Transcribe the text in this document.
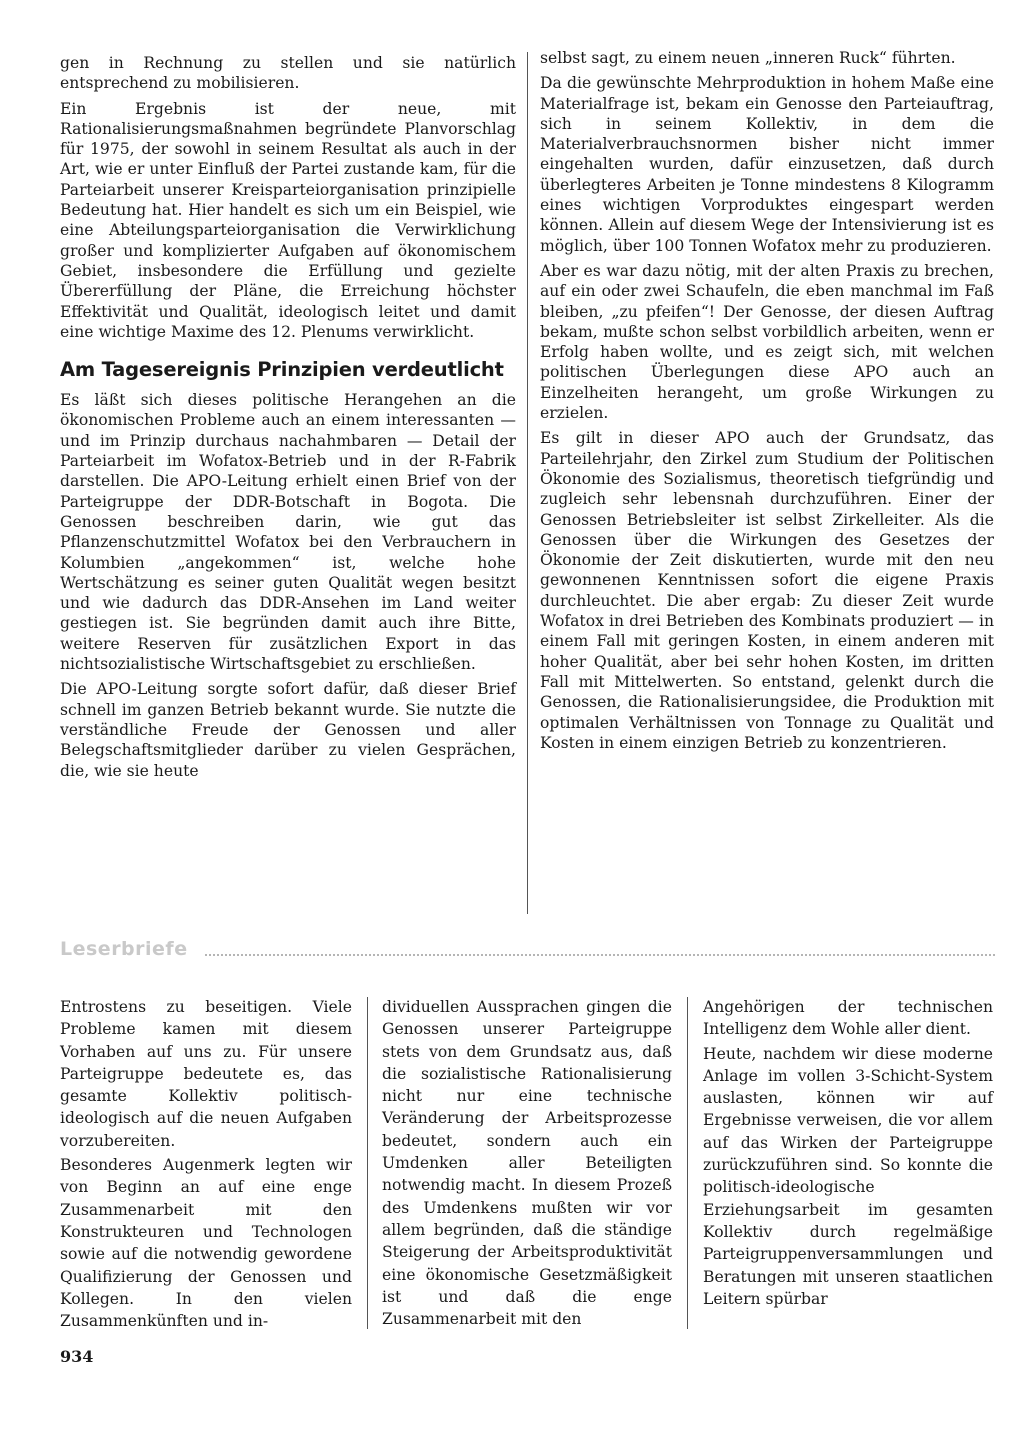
gen in Rechnung zu stellen und sie natürlich entsprechend zu mobilisieren.

Ein Ergebnis ist der neue, mit Rationalisierungsmaßnahmen begründete Planvorschlag für 1975, der sowohl in seinem Resultat als auch in der Art, wie er unter Einfluß der Partei zustande kam, für die Parteiarbeit unserer Kreisparteiorganisation prinzipielle Bedeutung hat. Hier handelt es sich um ein Beispiel, wie eine Abteilungsparteiorganisation die Verwirklichung großer und komplizierter Aufgaben auf ökonomischem Gebiet, insbesondere die Erfüllung und gezielte Übererfüllung der Pläne, die Erreichung höchster Effektivität und Qualität, ideologisch leitet und damit eine wichtige Maxime des 12. Plenums verwirklicht.

Am Tagesereignis Prinzipien verdeutlicht

Es läßt sich dieses politische Herangehen an die ökonomischen Probleme auch an einem interessanten — und im Prinzip durchaus nachahmbaren — Detail der Parteiarbeit im Wofatox-Betrieb und in der R-Fabrik darstellen. Die APO-Leitung erhielt einen Brief von der Parteigruppe der DDR-Botschaft in Bogota. Die Genossen beschreiben darin, wie gut das Pflanzenschutzmittel Wofatox bei den Verbrauchern in Kolumbien „angekommen“ ist, welche hohe Wertschätzung es seiner guten Qualität wegen besitzt und wie dadurch das DDR-Ansehen im Land weiter gestiegen ist. Sie begründen damit auch ihre Bitte, weitere Reserven für zusätzlichen Export in das nichtsozialistische Wirtschaftsgebiet zu erschließen.

Die APO-Leitung sorgte sofort dafür, daß dieser Brief schnell im ganzen Betrieb bekannt wurde. Sie nutzte die verständliche Freude der Genossen und aller Belegschaftsmitglieder darüber zu vielen Gesprächen, die, wie sie heute

selbst sagt, zu einem neuen „inneren Ruck“ führten.

Da die gewünschte Mehrproduktion in hohem Maße eine Materialfrage ist, bekam ein Genosse den Parteiauftrag, sich in seinem Kollektiv, in dem die Materialverbrauchsnormen bisher nicht immer eingehalten wurden, dafür einzusetzen, daß durch überlegteres Arbeiten je Tonne mindestens 8 Kilogramm eines wichtigen Vorproduktes eingespart werden können. Allein auf diesem Wege der Intensivierung ist es möglich, über 100 Tonnen Wofatox mehr zu produzieren.

Aber es war dazu nötig, mit der alten Praxis zu brechen, auf ein oder zwei Schaufeln, die eben manchmal im Faß bleiben, „zu pfeifen“! Der Genosse, der diesen Auftrag bekam, mußte schon selbst vorbildlich arbeiten, wenn er Erfolg haben wollte, und es zeigt sich, mit welchen politischen Überlegungen diese APO auch an Einzelheiten herangeht, um große Wirkungen zu erzielen.

Es gilt in dieser APO auch der Grundsatz, das Parteilehrjahr, den Zirkel zum Studium der Politischen Ökonomie des Sozialismus, theoretisch tiefgründig und zugleich sehr lebensnah durchzuführen. Einer der Genossen Betriebsleiter ist selbst Zirkelleiter. Als die Genossen über die Wirkungen des Gesetzes der Ökonomie der Zeit diskutierten, wurde mit den neu gewonnenen Kenntnissen sofort die eigene Praxis durchleuchtet. Die aber ergab: Zu dieser Zeit wurde Wofatox in drei Betrieben des Kombinats produziert — in einem Fall mit geringen Kosten, in einem anderen mit hoher Qualität, aber bei sehr hohen Kosten, im dritten Fall mit Mittelwerten. So entstand, gelenkt durch die Genossen, die Rationalisierungsidee, die Produktion mit optimalen Verhältnissen von Tonnage zu Qualität und Kosten in einem einzigen Betrieb zu konzentrieren.

Leserbriefe

Entrostens zu beseitigen. Viele Probleme kamen mit diesem Vorhaben auf uns zu. Für unsere Parteigruppe bedeutete es, das gesamte Kollektiv politisch-ideologisch auf die neuen Aufgaben vorzubereiten.

Besonderes Augenmerk legten wir von Beginn an auf eine enge Zusammenarbeit mit den Konstrukteuren und Technologen sowie auf die notwendig gewordene Qualifizierung der Genossen und Kollegen. In den vielen Zusammenkünften und in-

dividuellen Aussprachen gingen die Genossen unserer Parteigruppe stets von dem Grundsatz aus, daß die sozialistische Rationalisierung nicht nur eine technische Veränderung der Arbeitsprozesse bedeutet, sondern auch ein Umdenken aller Beteiligten notwendig macht. In diesem Prozeß des Umdenkens mußten wir vor allem begründen, daß die ständige Steigerung der Arbeitsproduktivität eine ökonomische Gesetzmäßigkeit ist und daß die enge Zusammenarbeit mit den

Angehörigen der technischen Intelligenz dem Wohle aller dient.

Heute, nachdem wir diese moderne Anlage im vollen 3-Schicht-System auslasten, können wir auf Ergebnisse verweisen, die vor allem auf das Wirken der Parteigruppe zurückzuführen sind. So konnte die politisch-ideologische Erziehungsarbeit im gesamten Kollektiv durch regelmäßige Parteigruppenversammlungen und Beratungen mit unseren staatlichen Leitern spürbar

934
